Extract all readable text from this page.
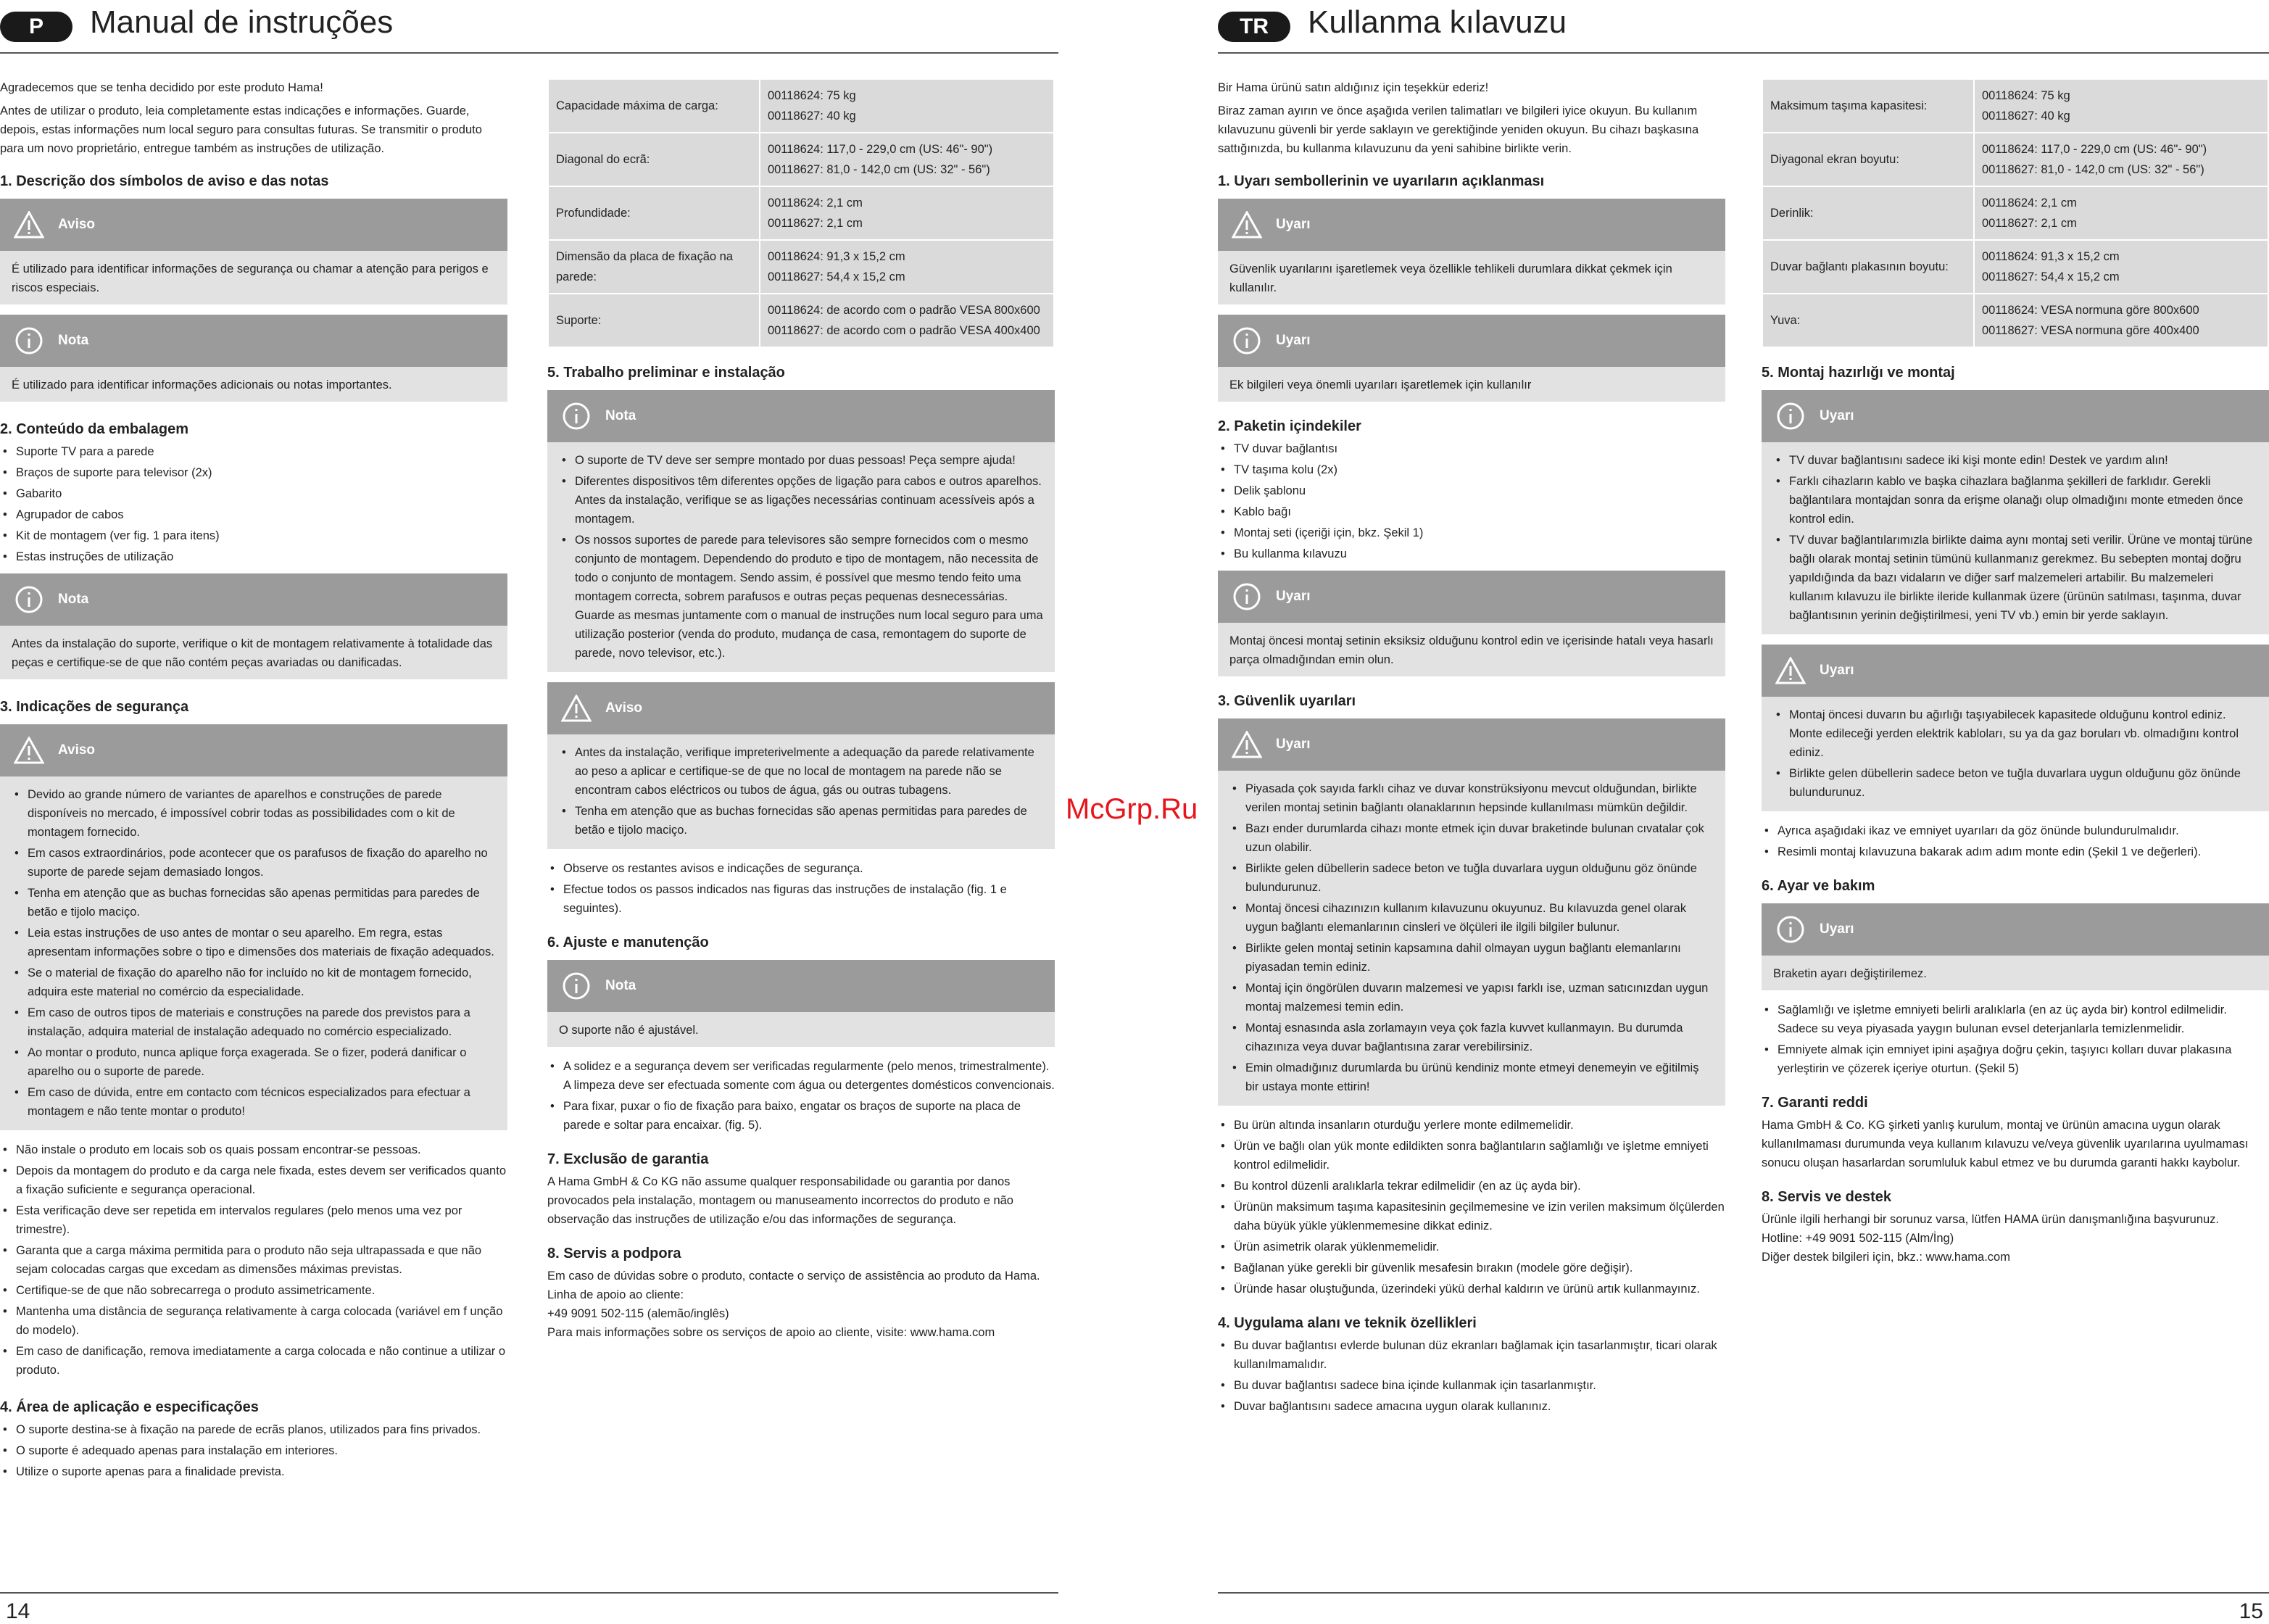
P	Manual de instruções

Agradecemos que se tenha decidido por este produto Hama!

Antes de utilizar o produto, leia completamente estas indicações e informações. Guarde, depois, estas informações num local seguro para consultas futuras. Se transmitir o produto para um novo proprietário, entregue também as instruções de utilização.

1. Descrição dos símbolos de aviso e das notas
Aviso

É utilizado para identificar informações de segurança ou chamar a atenção para perigos e riscos especiais.

Nota

É utilizado para identificar informações adicionais ou notas importantes.

2. Conteúdo da embalagem
• Suporte TV para a parede
• Braços de suporte para televisor (2x)
• Gabarito
• Agrupador de cabos
• Kit de montagem (ver fig. 1 para itens)
• Estas instruções de utilização
Nota

Antes da instalação do suporte, verifique o kit de montagem relativamente à totalidade das peças e certifique-se de que não contém peças avariadas ou danificadas.

3. Indicações de segurança
Aviso
• Devido ao grande número de variantes de aparelhos e construções de parede disponíveis no mercado, é impossível cobrir todas as possibilidades com o kit de montagem fornecido.
• Em casos extraordinários, pode acontecer que os parafusos de fixação do aparelho no suporte de parede sejam demasiado longos.
• Tenha em atenção que as buchas fornecidas são apenas permitidas para paredes de betão e tijolo maciço.
• Leia estas instruções de uso antes de montar o seu aparelho. Em regra, estas apresentam informações sobre o tipo e dimensões dos materiais de fixação adequados.
• Se o material de fixação do aparelho não for incluído no kit de montagem fornecido, adquira este material no comércio da especialidade.
• Em caso de outros tipos de materiais e construções na parede dos previstos para a instalação, adquira material de instalação adequado no comércio especializado.
• Ao montar o produto, nunca aplique força exagerada. Se o fizer, poderá danificar o aparelho ou o suporte de parede.
• Em caso de dúvida, entre em contacto com técnicos especializados para efectuar a montagem e não tente montar o produto!
• Não instale o produto em locais sob os quais possam encontrar-se pessoas.
• Depois da montagem do produto e da carga nele fixada, estes devem ser verificados quanto a fixação suficiente e segurança operacional.
• Esta verificação deve ser repetida em intervalos regulares (pelo menos uma vez por trimestre).
• Garanta que a carga máxima permitida para o produto não seja ultrapassada e que não sejam colocadas cargas que excedam as dimensões máximas previstas.
• Certifique-se de que não sobrecarrega o produto assimetricamente.
• Mantenha uma distância de segurança relativamente à carga colocada (variável em f unção do modelo).
• Em caso de danificação, remova imediatamente a carga colocada e não continue a utilizar o produto.
4. Área de aplicação e especificações
• O suporte destina-se à fixação na parede de ecrãs planos, utilizados para fins privados.
• O suporte é adequado apenas para instalação em interiores.
• Utilize o suporte apenas para a finalidade prevista.
Capacidade máxima de carga:	00118624: 75 kg
00118627: 40 kg

Diagonal do ecrã:	00118624: 117,0 - 229,0 cm (US: 46"- 90")
00118627: 81,0 - 142,0 cm (US: 32" - 56")

Profundidade:	00118624: 2,1 cm
00118627: 2,1 cm

Dimensão da placa de fixação na parede:	00118624: 91,3 x 15,2 cm
00118627: 54,4 x 15,2 cm

Suporte:	00118624: de acordo com o padrão VESA 800x600
00118627: de acordo com o padrão VESA 400x400
5. Trabalho preliminar e instalação
Nota
• O suporte de TV deve ser sempre montado por duas pessoas! Peça sempre ajuda!
• Diferentes dispositivos têm diferentes opções de ligação para cabos e outros aparelhos. Antes da instalação, verifique se as ligações necessárias continuam acessíveis após a montagem.
• Os nossos suportes de parede para televisores são sempre fornecidos com o mesmo conjunto de montagem. Dependendo do produto e tipo de montagem, não necessita de todo o conjunto de montagem. Sendo assim, é possível que mesmo tendo feito uma montagem correcta, sobrem parafusos e outras peças pequenas desnecessárias. Guarde as mesmas juntamente com o manual de instruções num local seguro para uma utilização posterior (venda do produto, mudança de casa, remontagem do suporte de parede, novo televisor, etc.).
Aviso
• Antes da instalação, verifique impreterivelmente a adequação da parede relativamente ao peso a aplicar e certifique-se de que no local de montagem na parede não se encontram cabos eléctricos ou tubos de água, gás ou outras tubagens.
• Tenha em atenção que as buchas fornecidas são apenas permitidas para paredes de betão e tijolo maciço.
• Observe os restantes avisos e indicações de segurança.
• Efectue todos os passos indicados nas figuras das instruções de instalação (fig. 1 e seguintes).
6. Ajuste e manutenção
Nota

O suporte não é ajustável.

• A solidez e a segurança devem ser verificadas regularmente (pelo menos, trimestralmente). A limpeza deve ser efectuada somente com água ou detergentes domésticos convencionais.
• Para fixar, puxar o fio de fixação para baixo, engatar os braços de suporte na placa de parede e soltar para encaixar. (fig. 5).
7. Exclusão de garantia

A Hama GmbH & Co KG não assume qualquer responsabilidade ou garantia por danos provocados pela instalação, montagem ou manuseamento incorrectos do produto e não observação das instruções de utilização e/ou das informações de segurança.

8. Servis a podpora

Em caso de dúvidas sobre o produto, contacte o serviço de assistência ao produto da Hama.

Linha de apoio ao cliente:

+49 9091 502-115 (alemão/inglês)

Para mais informações sobre os serviços de apoio ao cliente, visite: www.hama.com

14
TR	Kullanma kılavuzu

Bir Hama ürünü satın aldığınız için teşekkür ederiz!

Biraz zaman ayırın ve önce aşağıda verilen talimatları ve bilgileri iyice okuyun. Bu kullanım kılavuzunu güvenli bir yerde saklayın ve gerektiğinde yeniden okuyun. Bu cihazı başkasına sattığınızda, bu kullanma kılavuzunu da yeni sahibine birlikte verin.

1. Uyarı sembollerinin ve uyarıların açıklanması
Uyarı

Güvenlik uyarılarını işaretlemek veya özellikle tehlikeli durumlara dikkat çekmek için kullanılır.

Uyarı

Ek bilgileri veya önemli uyarıları işaretlemek için kullanılır

2. Paketin içindekiler
• TV duvar bağlantısı
• TV taşıma kolu (2x)
• Delik şablonu
• Kablo bağı
• Montaj seti (içeriği için, bkz. Şekil 1)
• Bu kullanma kılavuzu
Uyarı

Montaj öncesi montaj setinin eksiksiz olduğunu kontrol edin ve içerisinde hatalı veya hasarlı parça olmadığından emin olun.

3. Güvenlik uyarıları
Uyarı
• Piyasada çok sayıda farklı cihaz ve duvar konstrüksiyonu mevcut olduğundan, birlikte verilen montaj setinin bağlantı olanaklarının hepsinde kullanılması mümkün değildir.
• Bazı ender durumlarda cihazı monte etmek için duvar braketinde bulunan cıvatalar çok uzun olabilir.
• Birlikte gelen dübellerin sadece beton ve tuğla duvarlara uygun olduğunu göz önünde bulundurunuz.
• Montaj öncesi cihazınızın kullanım kılavuzunu okuyunuz. Bu kılavuzda genel olarak uygun bağlantı elemanlarının cinsleri ve ölçüleri ile ilgili bilgiler bulunur.
• Birlikte gelen montaj setinin kapsamına dahil olmayan uygun bağlantı elemanlarını piyasadan temin ediniz.
• Montaj için öngörülen duvarın malzemesi ve yapısı farklı ise, uzman satıcınızdan uygun montaj malzemesi temin edin.
• Montaj esnasında asla zorlamayın veya çok fazla kuvvet kullanmayın. Bu durumda cihazınıza veya duvar bağlantısına zarar verebilirsiniz.
• Emin olmadığınız durumlarda bu ürünü kendiniz monte etmeyi denemeyin ve eğitilmiş bir ustaya monte ettirin!
• Bu ürün altında insanların oturduğu yerlere monte edilmemelidir.
• Ürün ve bağlı olan yük monte edildikten sonra bağlantıların sağlamlığı ve işletme emniyeti kontrol edilmelidir.
• Bu kontrol düzenli aralıklarla tekrar edilmelidir (en az üç ayda bir).
• Ürünün maksimum taşıma kapasitesinin geçilmemesine ve izin verilen maksimum ölçülerden daha büyük yükle yüklenmemesine dikkat ediniz.
• Ürün asimetrik olarak yüklenmemelidir.
• Bağlanan yüke gerekli bir güvenlik mesafesin bırakın (modele göre değişir).
• Üründe hasar oluştuğunda, üzerindeki yükü derhal kaldırın ve ürünü artık kullanmayınız.
4. Uygulama alanı ve teknik özellikleri
• Bu duvar bağlantısı evlerde bulunan düz ekranları bağlamak için tasarlanmıştır, ticari olarak kullanılmamalıdır.
• Bu duvar bağlantısı sadece bina içinde kullanmak için tasarlanmıştır.
• Duvar bağlantısını sadece amacına uygun olarak kullanınız.
Maksimum taşıma kapasitesi:	00118624: 75 kg
00118627: 40 kg

Diyagonal ekran boyutu:	00118624: 117,0 - 229,0 cm (US: 46"- 90")
00118627: 81,0 - 142,0 cm (US: 32" - 56")

Derinlik:	00118624: 2,1 cm
00118627: 2,1 cm

Duvar bağlantı plakasının boyutu:	00118624: 91,3 x 15,2 cm
00118627: 54,4 x 15,2 cm

Yuva:	00118624: VESA normuna göre 800x600
00118627: VESA normuna göre 400x400
5. Montaj hazırlığı ve montaj
Uyarı
• TV duvar bağlantısını sadece iki kişi monte edin! Destek ve yardım alın!
• Farklı cihazların kablo ve başka cihazlara bağlanma şekilleri de farklıdır. Gerekli bağlantılara montajdan sonra da erişme olanağı olup olmadığını monte etmeden önce kontrol edin.
• TV duvar bağlantılarımızla birlikte daima aynı montaj seti verilir. Ürüne ve montaj türüne bağlı olarak montaj setinin tümünü kullanmanız gerekmez. Bu sebepten montaj doğru yapıldığında da bazı vidaların ve diğer sarf malzemeleri artabilir. Bu malzemeleri kullanım kılavuzu ile birlikte ileride kullanmak üzere (ürünün satılması, taşınma, duvar bağlantısının yerinin değiştirilmesi, yeni TV vb.) emin bir yerde saklayın.
Uyarı
• Montaj öncesi duvarın bu ağırlığı taşıyabilecek kapasitede olduğunu kontrol ediniz. Monte edileceği yerden elektrik kabloları, su ya da gaz boruları vb. olmadığını kontrol ediniz.
• Birlikte gelen dübellerin sadece beton ve tuğla duvarlara uygun olduğunu göz önünde bulundurunuz.
• Ayrıca aşağıdaki ikaz ve emniyet uyarıları da göz önünde bulundurulmalıdır.
• Resimli montaj kılavuzuna bakarak adım adım monte edin (Şekil 1 ve değerleri).
6. Ayar ve bakım
Uyarı

Braketin ayarı değiştirilemez.

• Sağlamlığı ve işletme emniyeti belirli aralıklarla (en az üç ayda bir) kontrol edilmelidir. Sadece su veya piyasada yaygın bulunan evsel deterjanlarla temizlenmelidir.
• Emniyete almak için emniyet ipini aşağıya doğru çekin, taşıyıcı kolları duvar plakasına yerleştirin ve çözerek içeriye oturtun. (Şekil 5)
7. Garanti reddi

Hama GmbH & Co. KG şirketi yanlış kurulum, montaj ve ürünün amacına uygun olarak kullanılmaması durumunda veya kullanım kılavuzu ve/veya güvenlik uyarılarına uyulmaması sonucu oluşan hasarlardan sorumluluk kabul etmez ve bu durumda garanti hakkı kaybolur.

8. Servis ve destek

Ürünle ilgili herhangi bir sorunuz varsa, lütfen HAMA ürün danışmanlığına başvurunuz.

Hotline: +49 9091 502-115 (Alm/İng)

Diğer destek bilgileri için, bkz.: www.hama.com

15
McGrp.Ru
